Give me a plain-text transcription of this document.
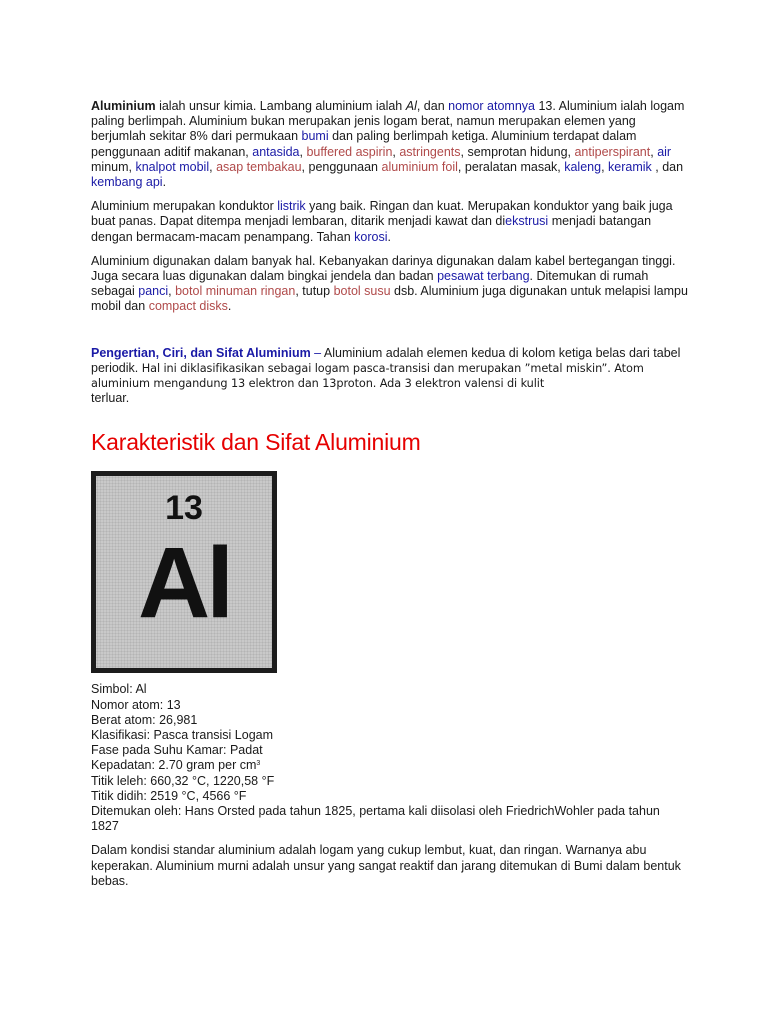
Aluminium ialah unsur kimia. Lambang aluminium ialah Al, dan nomor atomnya 13. Aluminium ialah logam paling berlimpah. Aluminium bukan merupakan jenis logam berat, namun merupakan elemen yang berjumlah sekitar 8% dari permukaan bumi dan paling berlimpah ketiga. Aluminium terdapat dalam penggunaan aditif makanan, antasida, buffered aspirin, astringents, semprotan hidung, antiperspirant, air minum, knalpot mobil, asap tembakau, penggunaan aluminium foil, peralatan masak, kaleng, keramik , dan kembang api.

Aluminium merupakan konduktor listrik yang baik. Ringan dan kuat. Merupakan konduktor yang baik juga buat panas. Dapat ditempa menjadi lembaran, ditarik menjadi kawat dan diekstrusi menjadi batangan dengan bermacam-macam penampang. Tahan korosi.

Aluminium digunakan dalam banyak hal. Kebanyakan darinya digunakan dalam kabel bertegangan tinggi. Juga secara luas digunakan dalam bingkai jendela dan badan pesawat terbang. Ditemukan di rumah sebagai panci, botol minuman ringan, tutup botol susu dsb. Aluminium juga digunakan untuk melapisi lampu mobil dan compact disks.

Pengertian, Ciri, dan Sifat Aluminium – Aluminium adalah elemen kedua di kolom ketiga belas dari tabel periodik. Hal ini diklasifikasikan sebagai logam pasca-transisi dan merupakan ”metal miskin”. Atom aluminium mengandung 13 elektron dan 13proton. Ada 3 elektron valensi di kulit
terluar.

Karakteristik dan Sifat Aluminium
13
Al

Simbol: Al

Nomor atom: 13

Berat atom: 26,981

Klasifikasi: Pasca transisi Logam

Fase pada Suhu Kamar: Padat

Kepadatan: 2.70 gram per $cm^3$

Titik leleh: 660,32 °C, 1220,58 °F

Titik didih: 2519 °C, 4566 °F

Ditemukan oleh: Hans Orsted pada tahun 1825, pertama kali diisolasi oleh FriedrichWohler pada tahun 1827

Dalam kondisi standar aluminium adalah logam yang cukup lembut, kuat, dan ringan. Warnanya abu keperakan. Aluminium murni adalah unsur yang sangat reaktif dan jarang ditemukan di Bumi dalam bentuk bebas.
